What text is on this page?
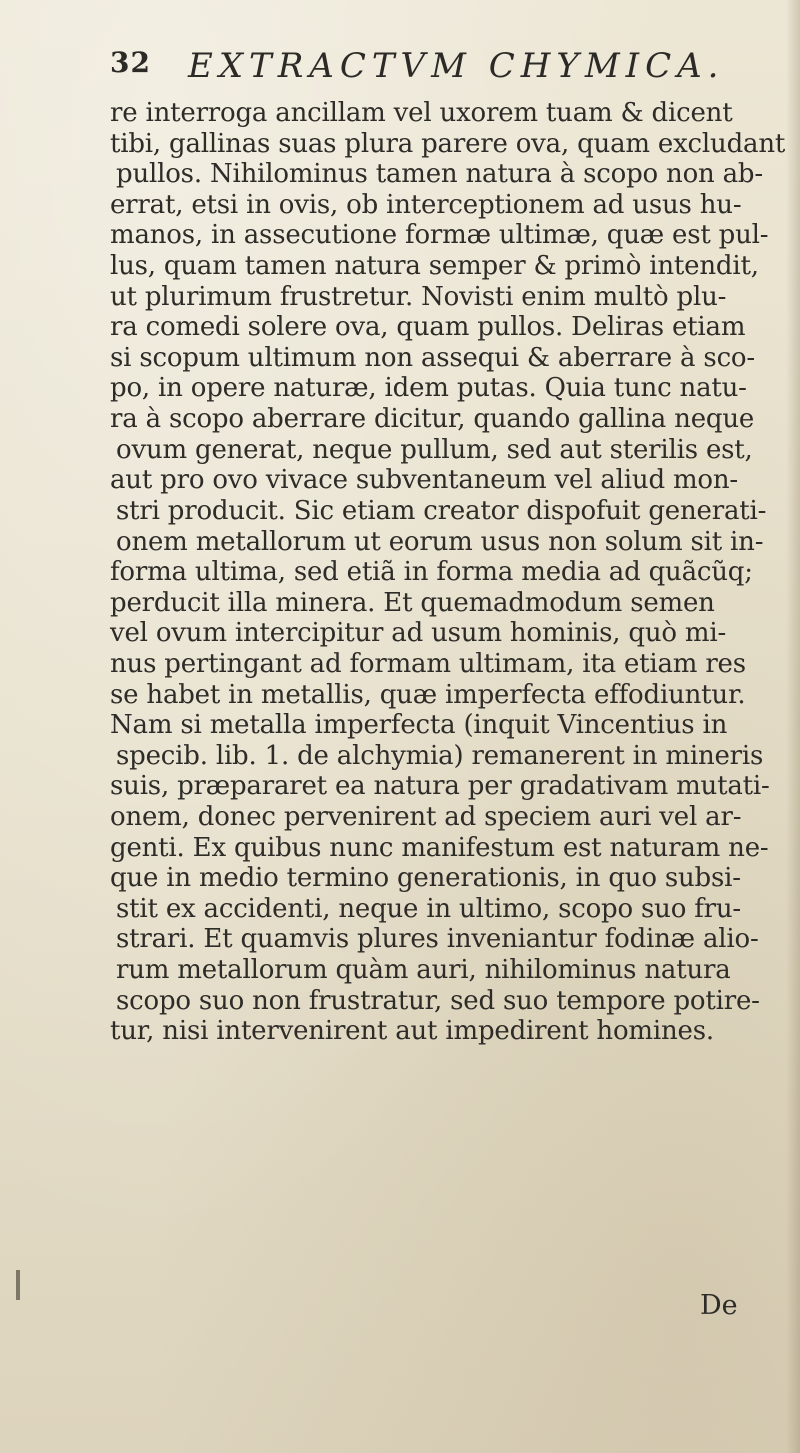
32 EXTRACTVM CHYMICA.
re interroga ancillam vel uxorem tuam & dicent
tibi, gallinas suas plura parere ova, quam excludant
pullos. Nihilominus tamen natura à scopo non ab-
errat, etsi in ovis, ob interceptionem ad usus hu-
manos, in assecutione formæ ultimæ, quæ est pul-
lus, quam tamen natura semper & primò intendit,
ut plurimum frustretur. Novisti enim multò plu-
ra comedi solere ova, quam pullos. Deliras etiam
si scopum ultimum non assequi & aberrare à sco-
po, in opere naturæ, idem putas. Quia tunc natu-
ra à scopo aberrare dicitur, quando gallina neque
ovum generat, neque pullum, sed aut sterilis est,
aut pro ovo vivace subventaneum vel aliud mon-
stri producit. Sic etiam creator dispofuit generati-
onem metallorum ut eorum usus non solum sit in-
forma ultima, sed etiã in forma media ad quãcũq;
perducit illa minera. Et quemadmodum semen
vel ovum intercipitur ad usum hominis, quò mi-
nus pertingant ad formam ultimam, ita etiam res
se habet in metallis, quæ imperfecta effodiuntur.
Nam si metalla imperfecta (inquit Vincentius in
specib. lib. 1. de alchymia) remanerent in mineris
suis, præpararet ea natura per gradativam mutati-
onem, donec pervenirent ad speciem auri vel ar-
genti. Ex quibus nunc manifestum est naturam ne-
que in medio termino generationis, in quo subsi-
stit ex accidenti, neque in ultimo, scopo suo fru-
strari. Et quamvis plures inveniantur fodinæ alio-
rum metallorum quàm auri, nihilominus natura
scopo suo non frustratur, sed suo tempore potire-
tur, nisi intervenirent aut impedirent homines.
De
